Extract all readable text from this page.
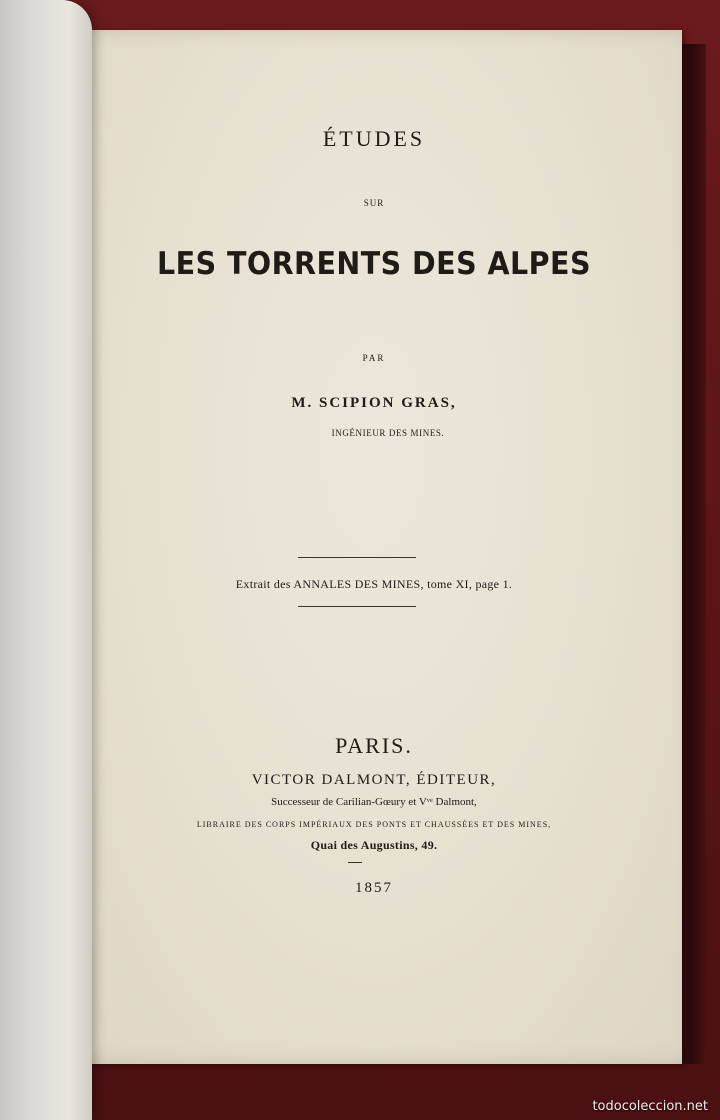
ÉTUDES
SUR
LES TORRENTS DES ALPES
PAR
M. SCIPION GRAS,
INGÉNIEUR DES MINES.
Extrait des ANNALES DES MINES, tome XI, page 1.
PARIS.
VICTOR DALMONT, ÉDITEUR,
Successeur de Carilian-Gœury et Vᵛᵉ Dalmont,
LIBRAIRE DES CORPS IMPÉRIAUX DES PONTS ET CHAUSSÉES ET DES MINES,
Quai des Augustins, 49.
1857
todocoleccion.net
